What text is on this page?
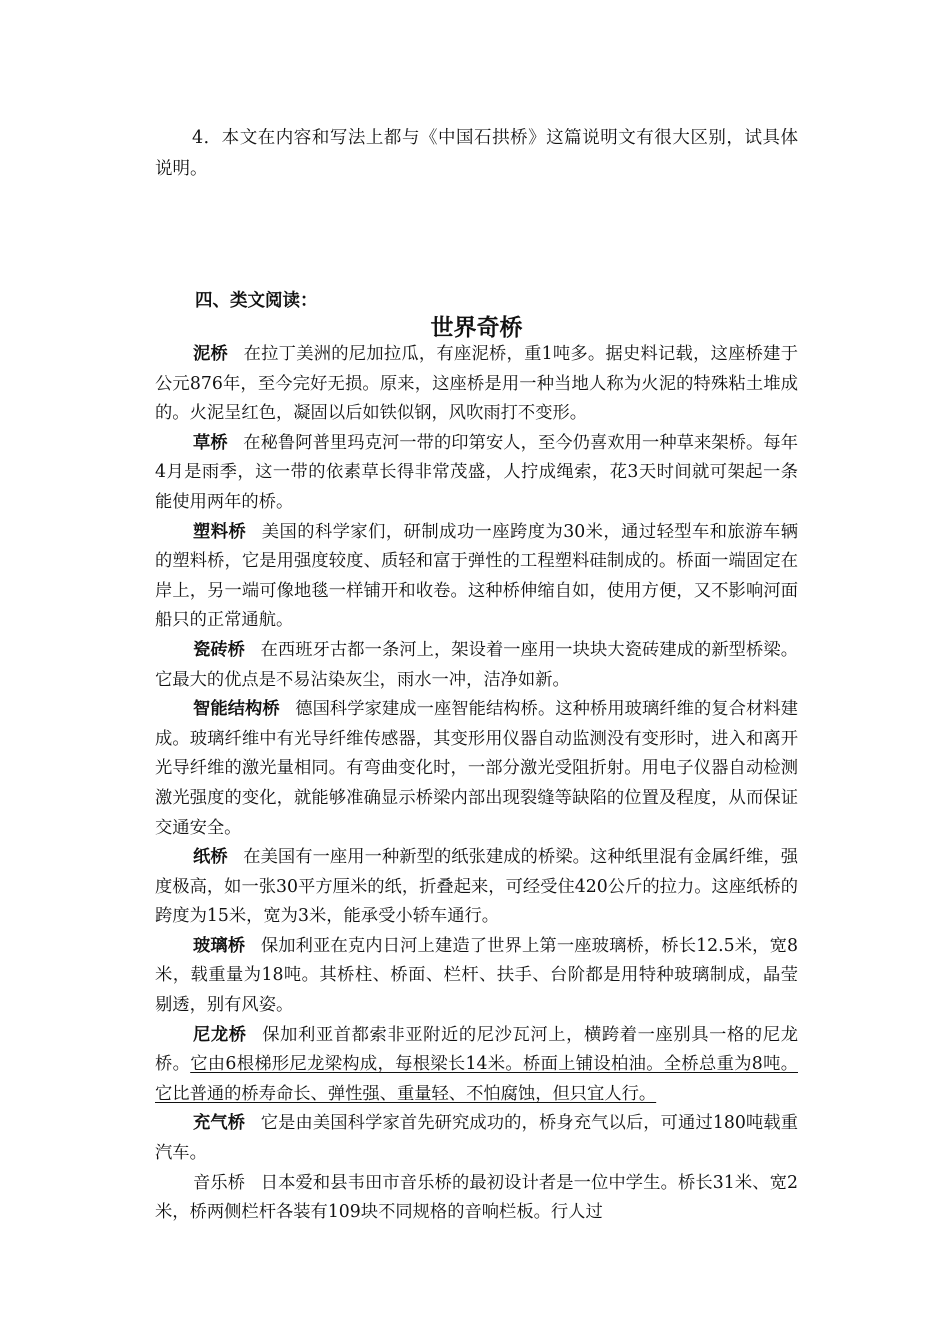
4．本文在内容和写法上都与《中国石拱桥》这篇说明文有很大区别，试具体说明。

四、类文阅读：
世界奇桥

泥桥 在拉丁美洲的尼加拉瓜，有座泥桥，重1吨多。据史料记载，这座桥建于公元876年，至今完好无损。原来，这座桥是用一种当地人称为火泥的特殊粘土堆成的。火泥呈红色，凝固以后如铁似钢，风吹雨打不变形。

草桥 在秘鲁阿普里玛克河一带的印第安人，至今仍喜欢用一种草来架桥。每年4月是雨季，这一带的依素草长得非常茂盛，人拧成绳索，花3天时间就可架起一条能使用两年的桥。

塑料桥 美国的科学家们，研制成功一座跨度为30米，通过轻型车和旅游车辆的塑料桥，它是用强度较度、质轻和富于弹性的工程塑料硅制成的。桥面一端固定在岸上，另一端可像地毯一样铺开和收卷。这种桥伸缩自如，使用方便，又不影响河面船只的正常通航。

瓷砖桥 在西班牙古都一条河上，架设着一座用一块块大瓷砖建成的新型桥梁。它最大的优点是不易沾染灰尘，雨水一冲，洁净如新。

智能结构桥 德国科学家建成一座智能结构桥。这种桥用玻璃纤维的复合材料建成。玻璃纤维中有光导纤维传感器，其变形用仪器自动监测没有变形时，进入和离开光导纤维的激光量相同。有弯曲变化时，一部分激光受阻折射。用电子仪器自动检测激光强度的变化，就能够准确显示桥梁内部出现裂缝等缺陷的位置及程度，从而保证交通安全。

纸桥 在美国有一座用一种新型的纸张建成的桥梁。这种纸里混有金属纤维，强度极高，如一张30平方厘米的纸，折叠起来，可经受住420公斤的拉力。这座纸桥的跨度为15米，宽为3米，能承受小轿车通行。

玻璃桥 保加利亚在克内日河上建造了世界上第一座玻璃桥，桥长12.5米，宽8米，载重量为18吨。其桥柱、桥面、栏杆、扶手、台阶都是用特种玻璃制成，晶莹剔透，别有风姿。

尼龙桥 保加利亚首都索非亚附近的尼沙瓦河上，横跨着一座别具一格的尼龙桥。它由6根梯形尼龙梁构成，每根梁长14米。桥面上铺设柏油。全桥总重为8吨。它比普通的桥寿命长、弹性强、重量轻、不怕腐蚀，但只宜人行。

充气桥 它是由美国科学家首先研究成功的，桥身充气以后，可通过180吨载重汽车。

音乐桥 日本爱和县韦田市音乐桥的最初设计者是一位中学生。桥长31米、宽2米，桥两侧栏杆各装有109块不同规格的音响栏板。行人过
